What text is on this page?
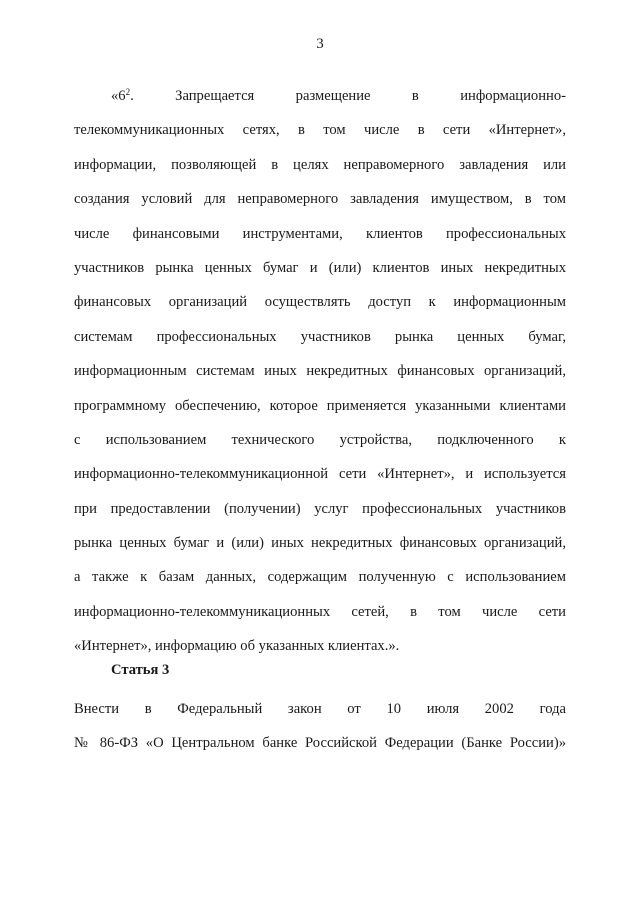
3
«$6^2$. Запрещается размещение в информационно-
телекоммуникационных сетях, в том числе в сети «Интернет»,
информации, позволяющей в целях неправомерного завладения или
создания условий для неправомерного завладения имуществом, в том
числе финансовыми инструментами, клиентов профессиональных
участников рынка ценных бумаг и (или) клиентов иных некредитных
финансовых организаций осуществлять доступ к информационным
системам профессиональных участников рынка ценных бумаг,
информационным системам иных некредитных финансовых организаций,
программному обеспечению, которое применяется указанными клиентами
с использованием технического устройства, подключенного к
информационно-телекоммуникационной сети «Интернет», и используется
при предоставлении (получении) услуг профессиональных участников
рынка ценных бумаг и (или) иных некредитных финансовых организаций,
а также к базам данных, содержащим полученную с использованием
информационно-телекоммуникационных сетей, в том числе сети
«Интернет», информацию об указанных клиентах.».
Статья 3
Внести в Федеральный закон от 10 июля 2002 года
№ 86-ФЗ «О Центральном банке Российской Федерации (Банке России)»
